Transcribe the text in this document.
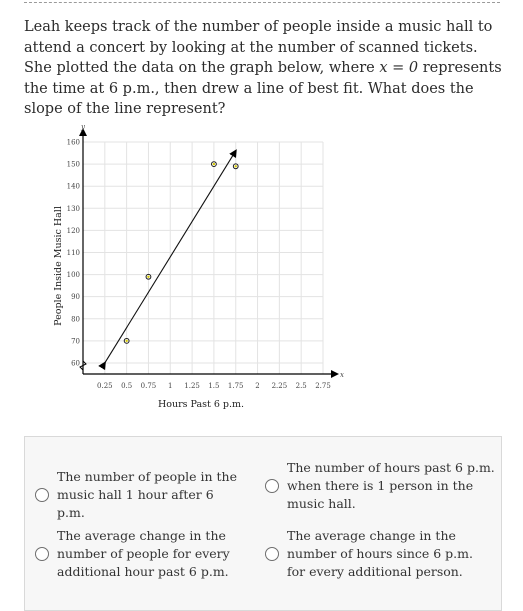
Leah keeps track of the number of people inside a music hall to attend a concert by looking at the number of scanned tickets. She plotted the data on the graph below, where x = 0 represents the time at 6 p.m., then drew a line of best fit. What does the slope of the line represent?
0.25 0.5 0.75 1 1.25 1.5 1.75 2 2.25 2.5 2.75
60
70
80
90
100
110
120
130
140
150
160
x
y
Hours Past 6 p.m.
People Inside Music Hall
The number of people in the music hall 1 hour after 6 p.m.
The number of hours past 6 p.m. when there is 1 person in the music hall.
The average change in the number of people for every additional hour past 6 p.m.
The average change in the number of hours since 6 p.m. for every additional person.
